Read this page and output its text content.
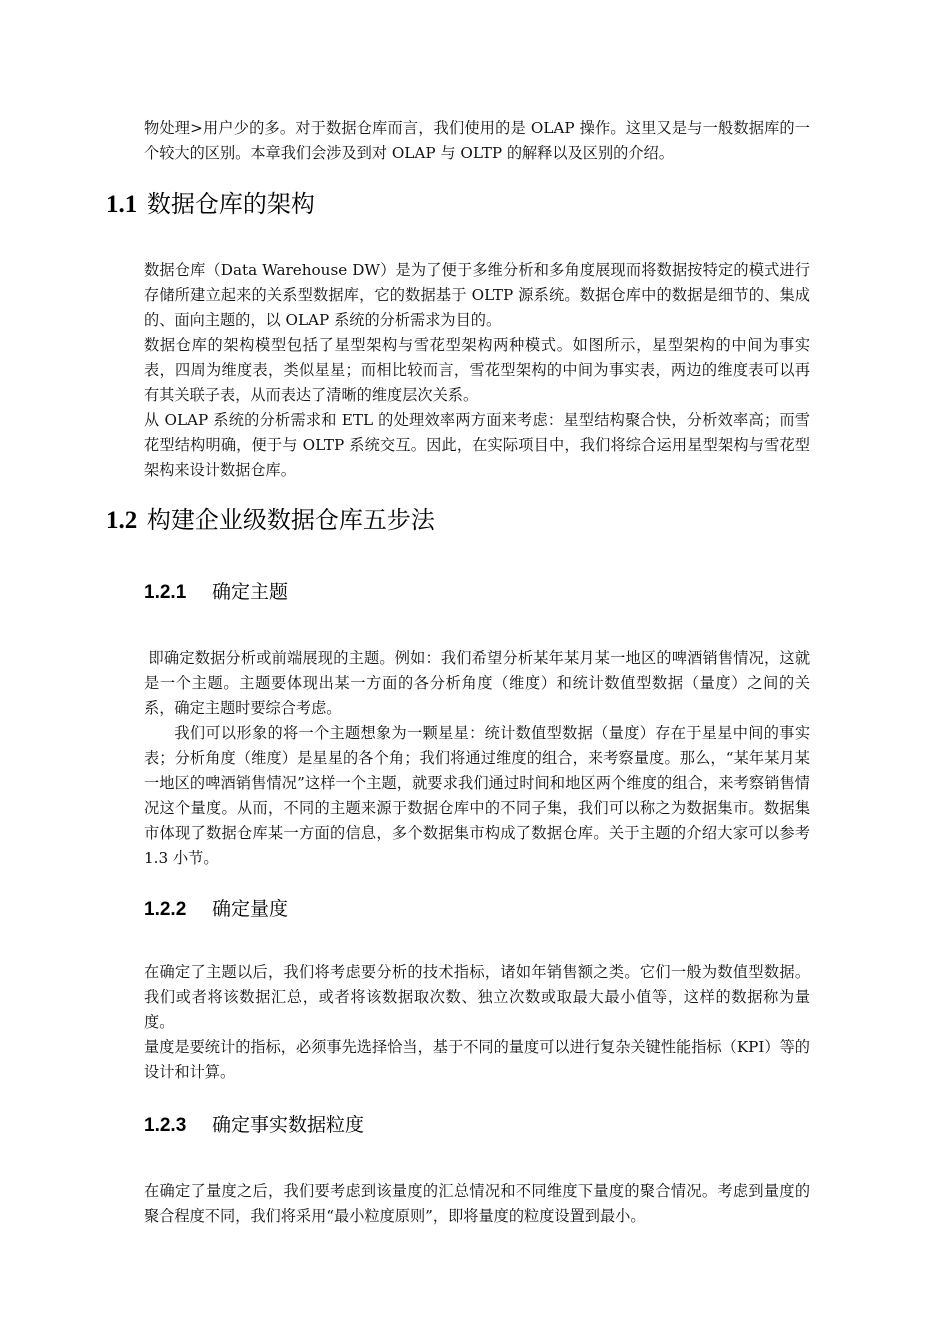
物处理>用户少的多。对于数据仓库而言，我们使用的是 OLAP 操作。这里又是与一般数据库的一个较大的区别。本章我们会涉及到对 OLAP 与 OLTP 的解释以及区别的介绍。

1.1 数据仓库的架构

数据仓库（Data Warehouse DW）是为了便于多维分析和多角度展现而将数据按特定的模式进行存储所建立起来的关系型数据库，它的数据基于 OLTP 源系统。数据仓库中的数据是细节的、集成的、面向主题的，以 OLAP 系统的分析需求为目的。

数据仓库的架构模型包括了星型架构与雪花型架构两种模式。如图所示，星型架构的中间为事实表，四周为维度表，类似星星；而相比较而言，雪花型架构的中间为事实表，两边的维度表可以再有其关联子表，从而表达了清晰的维度层次关系。

从 OLAP 系统的分析需求和 ETL 的处理效率两方面来考虑：星型结构聚合快，分析效率高；而雪花型结构明确，便于与 OLTP 系统交互。因此，在实际项目中，我们将综合运用星型架构与雪花型架构来设计数据仓库。

1.2 构建企业级数据仓库五步法
1.2.1 确定主题

即确定数据分析或前端展现的主题。例如：我们希望分析某年某月某一地区的啤酒销售情况，这就是一个主题。主题要体现出某一方面的各分析角度（维度）和统计数值型数据（量度）之间的关系，确定主题时要综合考虑。

我们可以形象的将一个主题想象为一颗星星：统计数值型数据（量度）存在于星星中间的事实表；分析角度（维度）是星星的各个角；我们将通过维度的组合，来考察量度。那么，“某年某月某一地区的啤酒销售情况”这样一个主题，就要求我们通过时间和地区两个维度的组合，来考察销售情况这个量度。从而，不同的主题来源于数据仓库中的不同子集，我们可以称之为数据集市。数据集市体现了数据仓库某一方面的信息，多个数据集市构成了数据仓库。关于主题的介绍大家可以参考 1.3 小节。

1.2.2 确定量度

在确定了主题以后，我们将考虑要分析的技术指标，诸如年销售额之类。它们一般为数值型数据。我们或者将该数据汇总，或者将该数据取次数、独立次数或取最大最小值等，这样的数据称为量度。

量度是要统计的指标，必须事先选择恰当，基于不同的量度可以进行复杂关键性能指标（KPI）等的设计和计算。

1.2.3 确定事实数据粒度

在确定了量度之后，我们要考虑到该量度的汇总情况和不同维度下量度的聚合情况。考虑到量度的聚合程度不同，我们将采用“最小粒度原则”，即将量度的粒度设置到最小。
